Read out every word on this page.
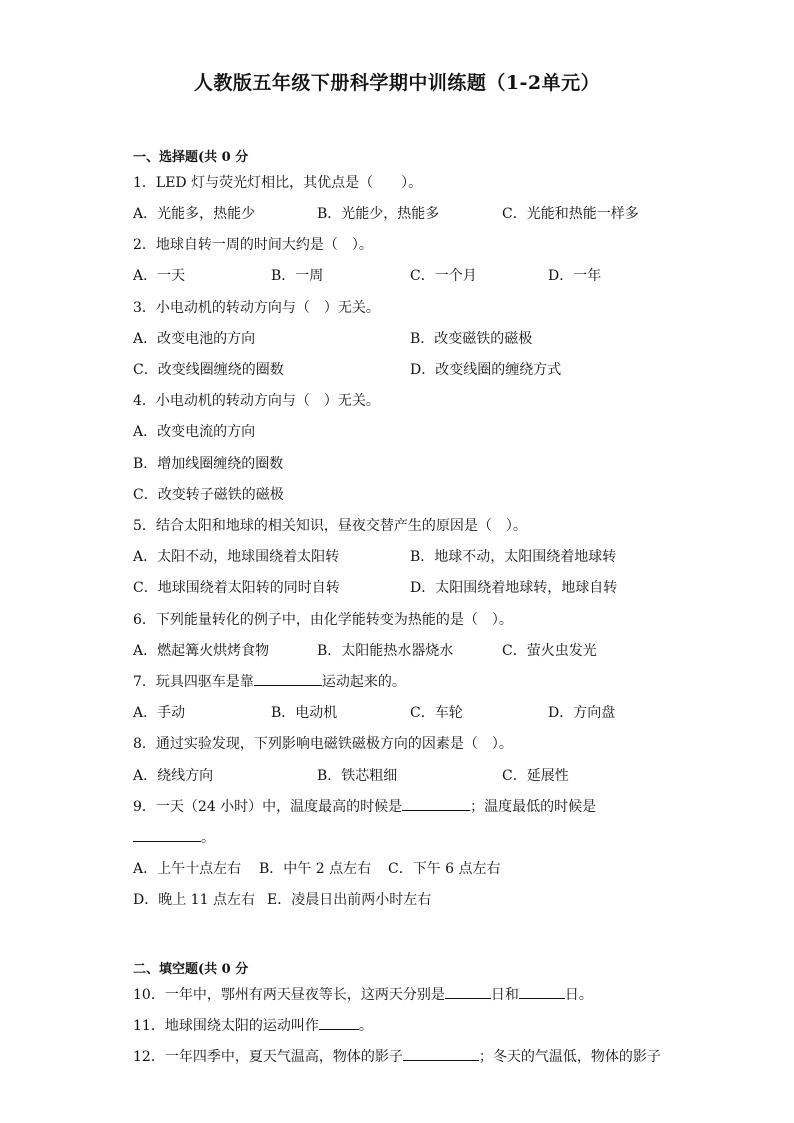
人教版五年级下册科学期中训练题（1-2单元）
一、选择题(共 0 分
1．LED 灯与荧光灯相比，其优点是（　　）。
A．光能多，热能少	B．光能少，热能多	C．光能和热能一样多
2．地球自转一周的时间大约是（　）。
A．一天	B．一周	C．一个月	D．一年
3．小电动机的转动方向与（　）无关。
A．改变电池的方向	B．改变磁铁的磁极
C．改变线圈缠绕的圈数	D．改变线圈的缠绕方式
4．小电动机的转动方向与（　）无关。
A．改变电流的方向
B．增加线圈缠绕的圈数
C．改变转子磁铁的磁极
5．结合太阳和地球的相关知识，昼夜交替产生的原因是（　）。
A．太阳不动，地球围绕着太阳转	B．地球不动，太阳围绕着地球转
C．地球围绕着太阳转的同时自转	D．太阳围绕着地球转，地球自转
6．下列能量转化的例子中，由化学能转变为热能的是（　）。
A．燃起篝火烘烤食物	B．太阳能热水器烧水	C．萤火虫发光
7．玩具四驱车是靠	运动起来的。
A．手动	B．电动机	C．车轮	D．方向盘
8．通过实验发现，下列影响电磁铁磁极方向的因素是（　）。
A．绕线方向	B．铁芯粗细	C．延展性
9．一天（24 小时）中，温度最高的时候是	；温度最低的时候是
。
A．上午十点左右 B．中午 2 点左右 C．下午 6 点左右
D．晚上 11 点左右 E．凌晨日出前两小时左右
二、填空题(共 0 分
10．一年中，鄂州有两天昼夜等长，这两天分别是	日和	日。
11．地球围绕太阳的运动叫作	。
12．一年四季中，夏天气温高，物体的影子	；冬天的气温低，物体的影子
